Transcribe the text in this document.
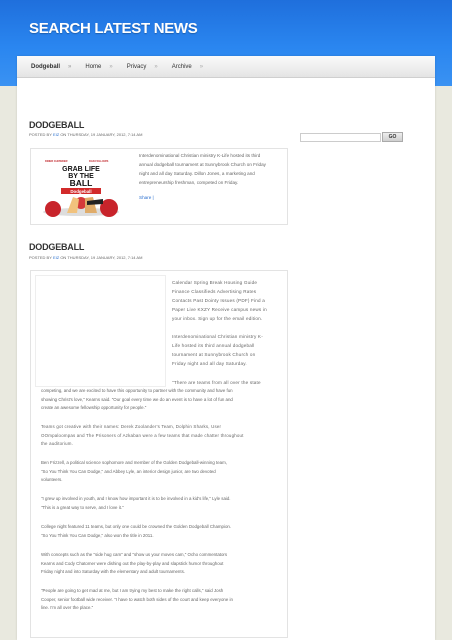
SEARCH LATEST NEWS
Dodgeball » Home » Privacy » Archive »
GO
DODGEBALL
POSTED BY EIZ ON THURSDAY, 19 JANUARY, 2012, 7:14 AM
DINER CHOWDER	DAN FOLLOWS
GRAB LIFE
BY THE
BALL
Dodgeball
Interdenominational Christian ministry K-Life hosted its third
annual dodgeball tournament at Sunnybrook Church on Friday
night and all day Saturday. Dillon Jones, a marketing and
entrepreneurship freshman, competed on Friday.
Share |
DODGEBALL
POSTED BY EIZ ON THURSDAY, 19 JANUARY, 2012, 7:14 AM
Calendar Spring Break Housing Guide
Finance Classifieds Advertising Rates
Contacts Past Dointy Issues (PDF) Find a
Paper Live KXZY Receive campus news in
your inbox. Sign up for the email edition.
Interdenominational Christian ministry K-
Life hosted its third annual dodgeball
tournament at Sunnybrook Church on
Friday night and all day Saturday.
"There are teams from all over the state
competing, and we are excited to have this opportunity to partner with the community and have fun
showing Christ's love," Kearns said. "Our goal every time we do an event is to have a lot of fun and
create an awesome fellowship opportunity for people."
Teams got creative with their names: Derek Zoolander's Team, Dolphin Sharks, User
OOmpaloompas and The Prisoners of Azkaban were a few teams that made chatter throughout
the auditorium.
Ben Frizzell, a political science sophomore and member of the Golden Dodgeball-winning team,
"So You Think You Can Dodge," and Abbey Lyle, an interior design junior, are two devoted
volunteers.
"I grew up involved in youth, and I know how important it is to be involved in a kid's life," Lyle said.
"This is a great way to serve, and I love it."
College night featured 11 teams, but only one could be crowned the Golden Dodgeball Champion.
"So You Think You Can Dodge," also won the title in 2011.
With concepts such as the "side hug cam" and "show us your moves cam," Ocho commentators
Kearns and Cody Chatomer were dishing out the play-by-play and slapstick humor throughout
Friday night and into Saturday with the elementary and adult tournaments.
"People are going to get mad at me, but I am trying my best to make the right calls," said Josh
Cooper, senior football wide receiver. "I have to watch both sides of the court and keep everyone in
line. I'm all over the place."
